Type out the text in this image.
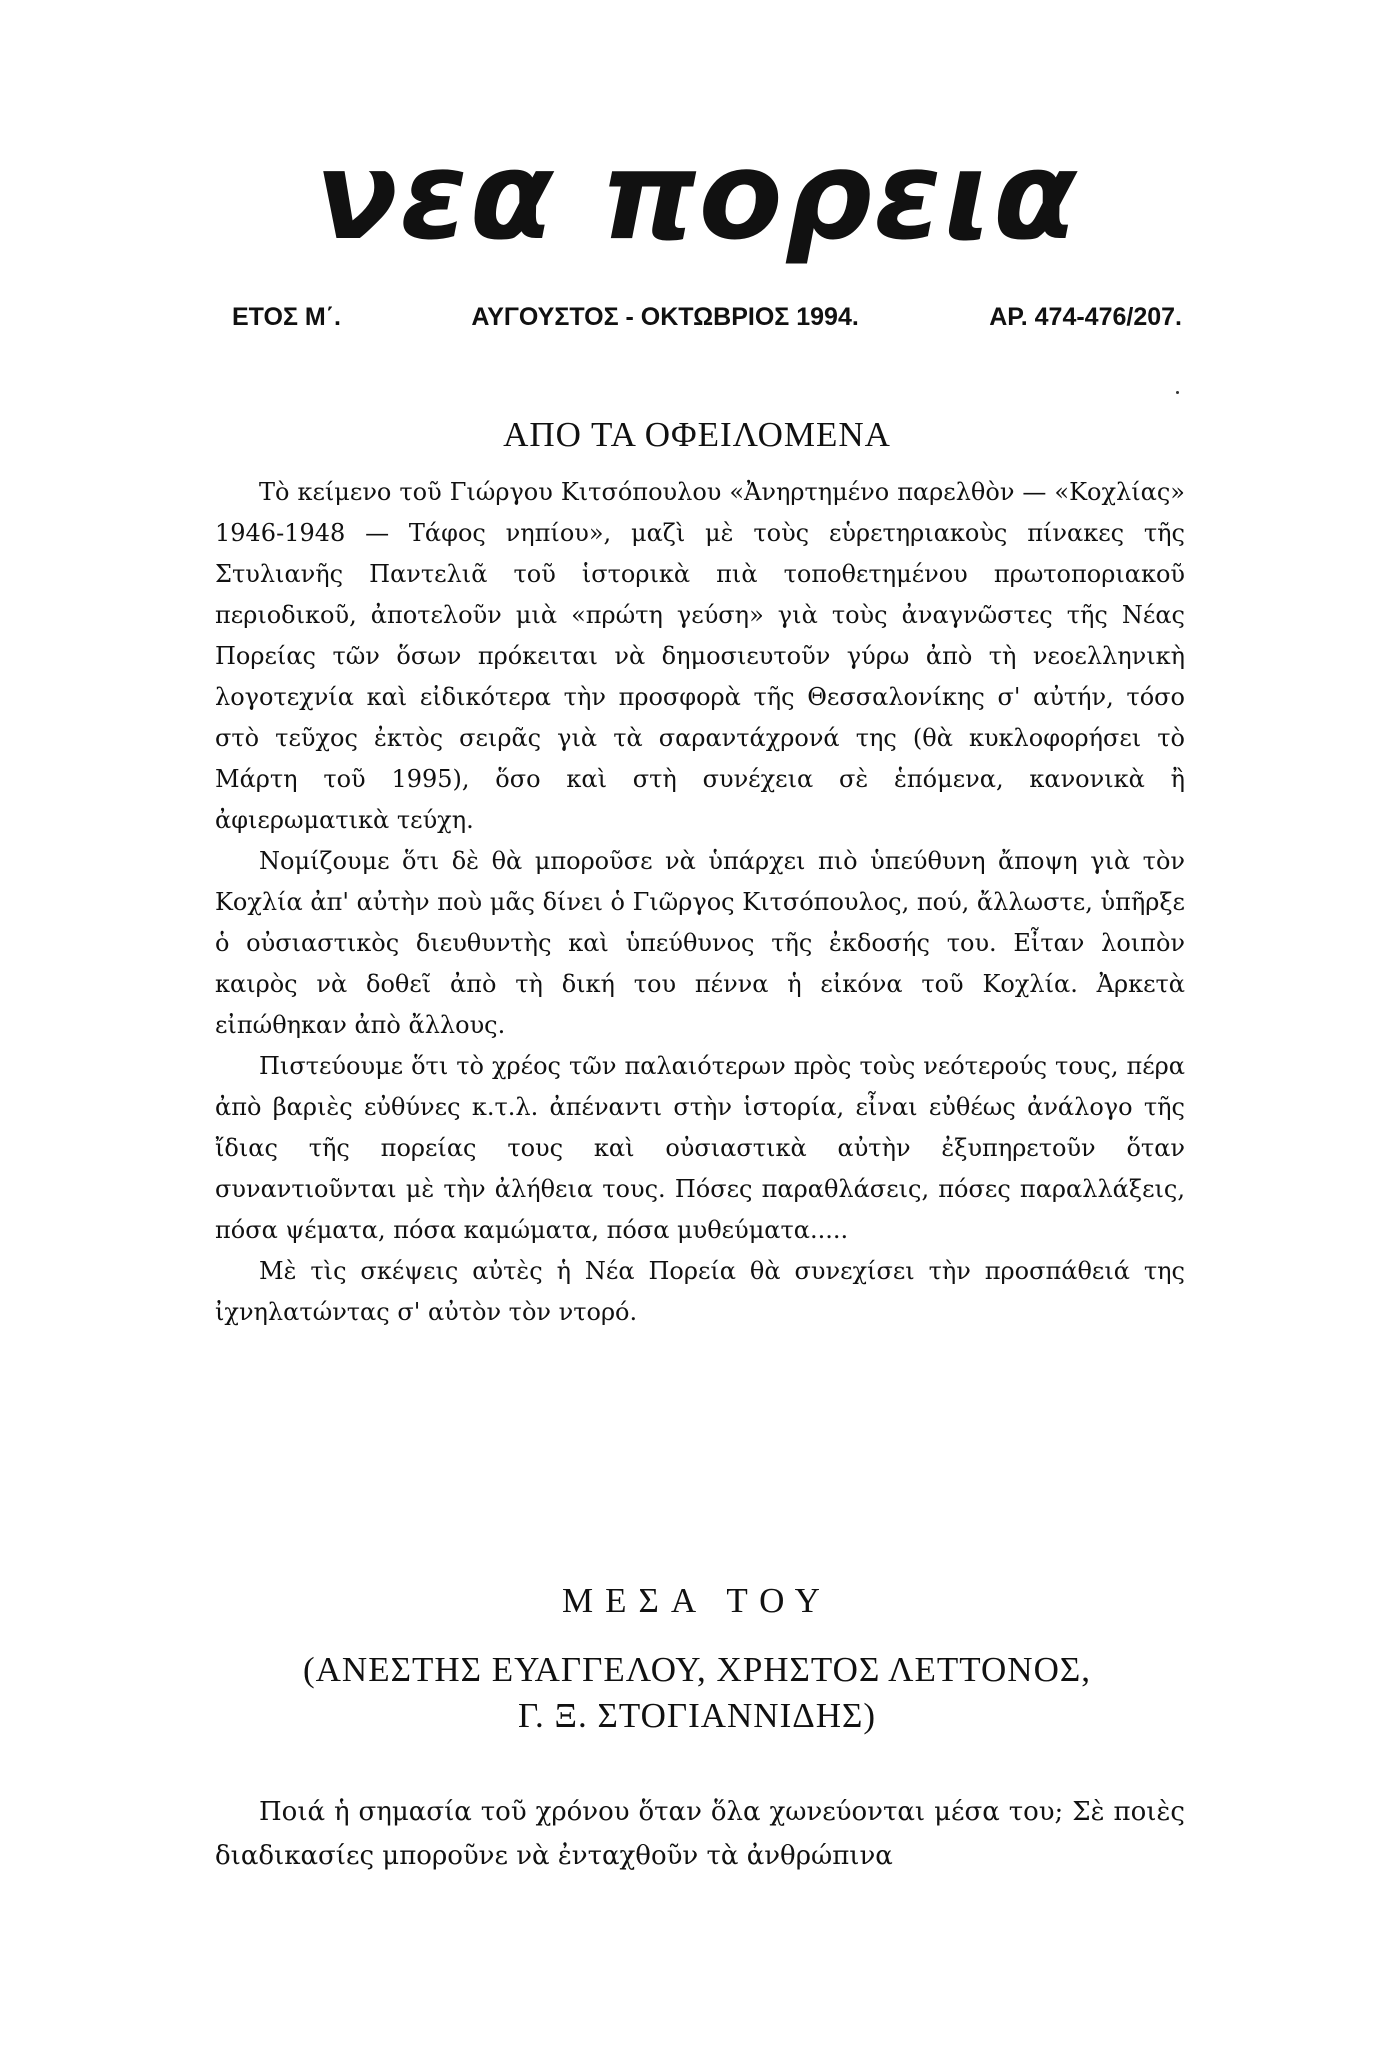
νεα πορεια
ΕΤΟΣ Μ΄.	ΑΥΓΟΥΣΤΟΣ - ΟΚΤΩΒΡΙΟΣ 1994.	ΑΡ. 474-476/207.
ΑΠΟ ΤΑ ΟΦΕΙΛΟΜΕΝΑ

Τὸ κείμενο τοῦ Γιώργου Κιτσόπουλου «Ἀνηρτημένο παρελθὸν — «Κοχλίας» 1946-1948 — Τάφος νηπίου», μαζὶ μὲ τοὺς εὑρετηριακοὺς πίνακες τῆς Στυλιανῆς Παντελιᾶ τοῦ ἱστορικὰ πιὰ τοποθετημένου πρωτοποριακοῦ περιοδικοῦ, ἀποτελοῦν μιὰ «πρώτη γεύση» γιὰ τοὺς ἀναγνῶστες τῆς Νέας Πορείας τῶν ὅσων πρόκειται νὰ δημοσιευτοῦν γύρω ἀπὸ τὴ νεοελληνικὴ λογοτεχνία καὶ εἰδικότερα τὴν προσφορὰ τῆς Θεσσαλονίκης σ' αὐτήν, τόσο στὸ τεῦχος ἐκτὸς σειρᾶς γιὰ τὰ σαραντάχρονά της (θὰ κυκλοφορήσει τὸ Μάρτη τοῦ 1995), ὅσο καὶ στὴ συνέχεια σὲ ἑπόμενα, κανονικὰ ἢ ἀφιερωματικὰ τεύχη.

Νομίζουμε ὅτι δὲ θὰ μποροῦσε νὰ ὑπάρχει πιὸ ὑπεύθυνη ἄποψη γιὰ τὸν Κοχλία ἀπ' αὐτὴν ποὺ μᾶς δίνει ὁ Γιῶργος Κιτσόπουλος, πού, ἄλλωστε, ὑπῆρξε ὁ οὐσιαστικὸς διευθυντὴς καὶ ὑπεύθυνος τῆς ἐκδοσής του. Εἶταν λοιπὸν καιρὸς νὰ δοθεῖ ἀπὸ τὴ δική του πέννα ἡ εἰκόνα τοῦ Κοχλία. Ἀρκετὰ εἰπώθηκαν ἀπὸ ἄλλους.

Πιστεύουμε ὅτι τὸ χρέος τῶν παλαιότερων πρὸς τοὺς νεότερούς τους, πέρα ἀπὸ βαριὲς εὐθύνες κ.τ.λ. ἀπέναντι στὴν ἱστορία, εἶναι εὐθέως ἀνάλογο τῆς ἴδιας τῆς πορείας τους καὶ οὐσιαστικὰ αὐτὴν ἐξυπηρετοῦν ὅταν συναντιοῦνται μὲ τὴν ἀλήθεια τους. Πόσες παραθλάσεις, πόσες παραλλάξεις, πόσα ψέματα, πόσα καμώματα, πόσα μυθεύματα.....

Μὲ τὶς σκέψεις αὐτὲς ἡ Νέα Πορεία θὰ συνεχίσει τὴν προσπάθειά της ἰχνηλατώντας σ' αὐτὸν τὸν ντορό.

ΜΕΣΑ ΤΟΥ
(ΑΝΕΣΤΗΣ ΕΥΑΓΓΕΛΟΥ, ΧΡΗΣΤΟΣ ΛΕΤΤΟΝΟΣ,
Γ. Ξ. ΣΤΟΓΙΑΝΝΙΔΗΣ)

Ποιά ἡ σημασία τοῦ χρόνου ὅταν ὅλα χωνεύονται μέσα του; Σὲ ποιὲς διαδικασίες μποροῦνε νὰ ἐνταχθοῦν τὰ ἀνθρώπινα
